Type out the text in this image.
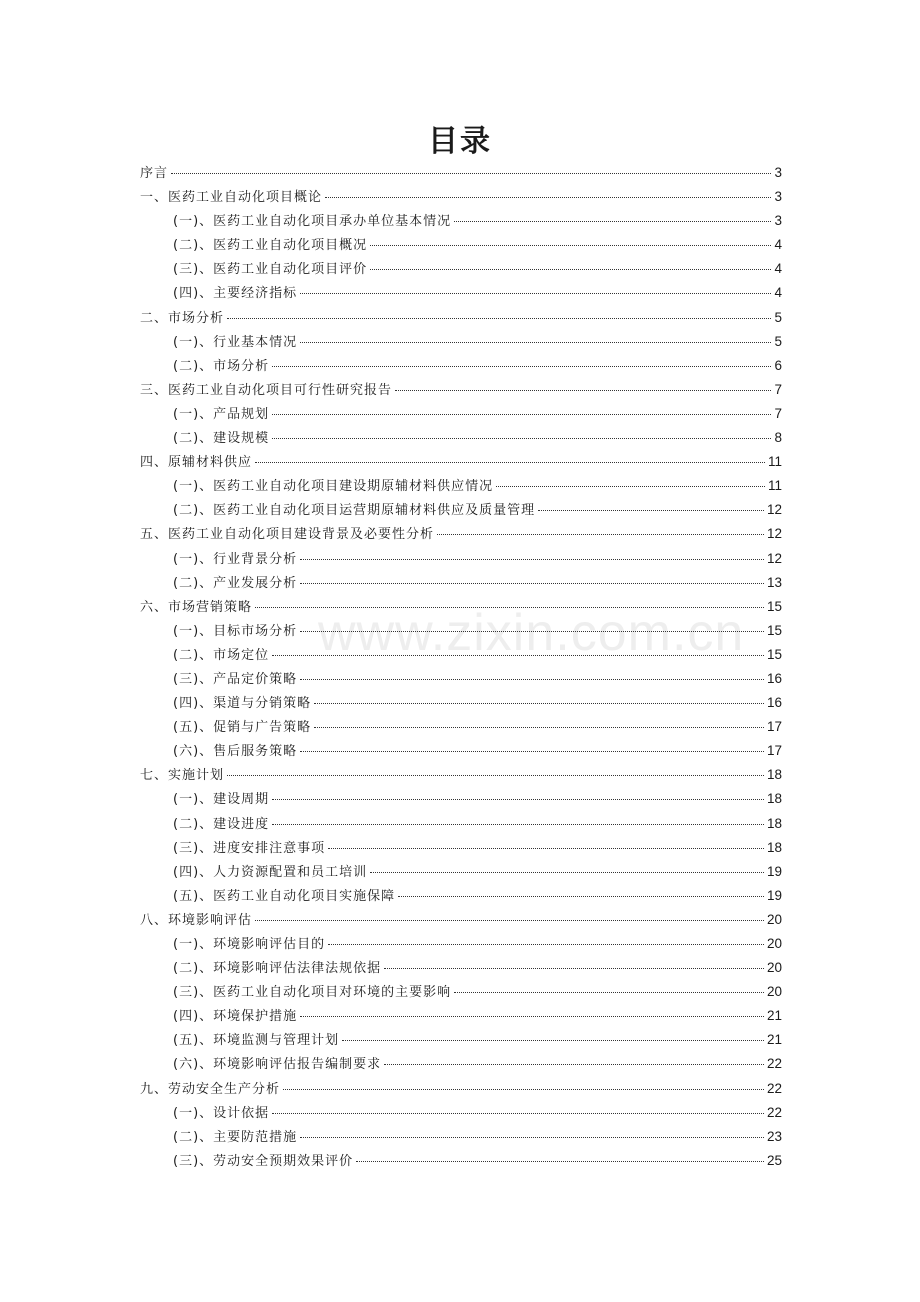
目录
www.zixin.com.cn
序言	3
一、医药工业自动化项目概论	3
(一)、医药工业自动化项目承办单位基本情况	3
(二)、医药工业自动化项目概况	4
(三)、医药工业自动化项目评价	4
(四)、主要经济指标	4
二、市场分析	5
(一)、行业基本情况	5
(二)、市场分析	6
三、医药工业自动化项目可行性研究报告	7
(一)、产品规划	7
(二)、建设规模	8
四、原辅材料供应	11
(一)、医药工业自动化项目建设期原辅材料供应情况	11
(二)、医药工业自动化项目运营期原辅材料供应及质量管理	12
五、医药工业自动化项目建设背景及必要性分析	12
(一)、行业背景分析	12
(二)、产业发展分析	13
六、市场营销策略	15
(一)、目标市场分析	15
(二)、市场定位	15
(三)、产品定价策略	16
(四)、渠道与分销策略	16
(五)、促销与广告策略	17
(六)、售后服务策略	17
七、实施计划	18
(一)、建设周期	18
(二)、建设进度	18
(三)、进度安排注意事项	18
(四)、人力资源配置和员工培训	19
(五)、医药工业自动化项目实施保障	19
八、环境影响评估	20
(一)、环境影响评估目的	20
(二)、环境影响评估法律法规依据	20
(三)、医药工业自动化项目对环境的主要影响	20
(四)、环境保护措施	21
(五)、环境监测与管理计划	21
(六)、环境影响评估报告编制要求	22
九、劳动安全生产分析	22
(一)、设计依据	22
(二)、主要防范措施	23
(三)、劳动安全预期效果评价	25
